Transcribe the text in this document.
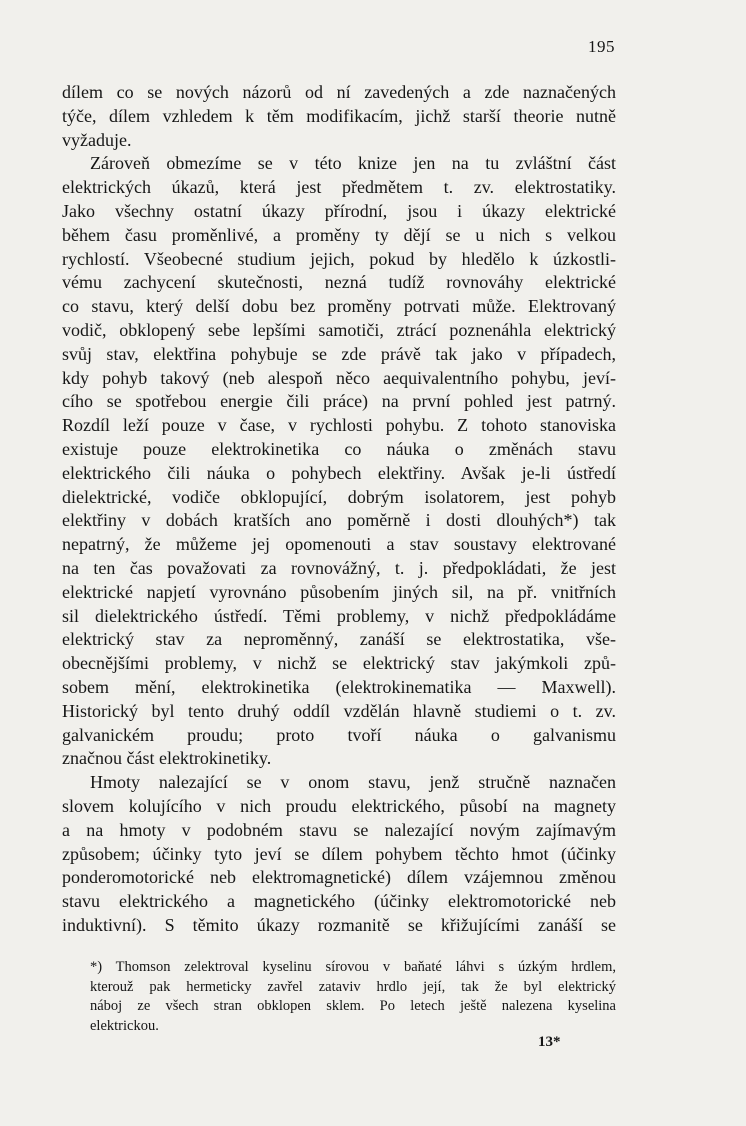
195
dílem co se nových názorů od ní zavedených a zde naznačených
týče, dílem vzhledem k těm modifikacím, jichž starší theorie nutně
vyžaduje.
Zároveň obmezíme se v této knize jen na tu zvláštní část
elektrických úkazů, která jest předmětem t. zv. elektrostatiky.
Jako všechny ostatní úkazy přírodní, jsou i úkazy elektrické
během času proměnlivé, a proměny ty dějí se u nich s velkou
rychlostí. Všeobecné studium jejich, pokud by hledělo k úzkostli-
vému zachycení skutečnosti, nezná tudíž rovnováhy elektrické
co stavu, který delší dobu bez proměny potrvati může. Elektrovaný
vodič, obklopený sebe lepšími samotiči, ztrácí poznenáhla elektrický
svůj stav, elektřina pohybuje se zde právě tak jako v případech,
kdy pohyb takový (neb alespoň něco aequivalentního pohybu, jeví-
cího se spotřebou energie čili práce) na první pohled jest patrný.
Rozdíl leží pouze v čase, v rychlosti pohybu. Z tohoto stanoviska
existuje pouze elektrokinetika co náuka o změnách stavu
elektrického čili náuka o pohybech elektřiny. Avšak je-li ústředí
dielektrické, vodiče obklopující, dobrým isolatorem, jest pohyb
elektřiny v dobách kratších ano poměrně i dosti dlouhých*) tak
nepatrný, že můžeme jej opomenouti a stav soustavy elektrované
na ten čas považovati za rovnovážný, t. j. předpokládati, že jest
elektrické napjetí vyrovnáno působením jiných sil, na př. vnitřních
sil dielektrického ústředí. Těmi problemy, v nichž předpokládáme
elektrický stav za neproměnný, zanáší se elektrostatika, vše-
obecnějšími problemy, v nichž se elektrický stav jakýmkoli způ-
sobem mění, elektrokinetika (elektrokinematika — Maxwell).
Historický byl tento druhý oddíl vzdělán hlavně studiemi o t. zv.
galvanickém proudu; proto tvoří náuka o galvanismu
značnou část elektrokinetiky.
Hmoty nalezající se v onom stavu, jenž stručně naznačen
slovem kolujícího v nich proudu elektrického, působí na magnety
a na hmoty v podobném stavu se nalezající novým zajímavým
způsobem; účinky tyto jeví se dílem pohybem těchto hmot (účinky
ponderomotorické neb elektromagnetické) dílem vzájemnou změnou
stavu elektrického a magnetického (účinky elektromotorické neb
induktivní). S těmito úkazy rozmanitě se křižujícími zanáší se
*) Thomson zelektroval kyselinu sírovou v baňaté láhvi s úzkým hrdlem,
kterouž pak hermeticky zavřel zataviv hrdlo její, tak že byl elektrický
náboj ze všech stran obklopen sklem. Po letech ještě nalezena kyselina
elektrickou.
13*
